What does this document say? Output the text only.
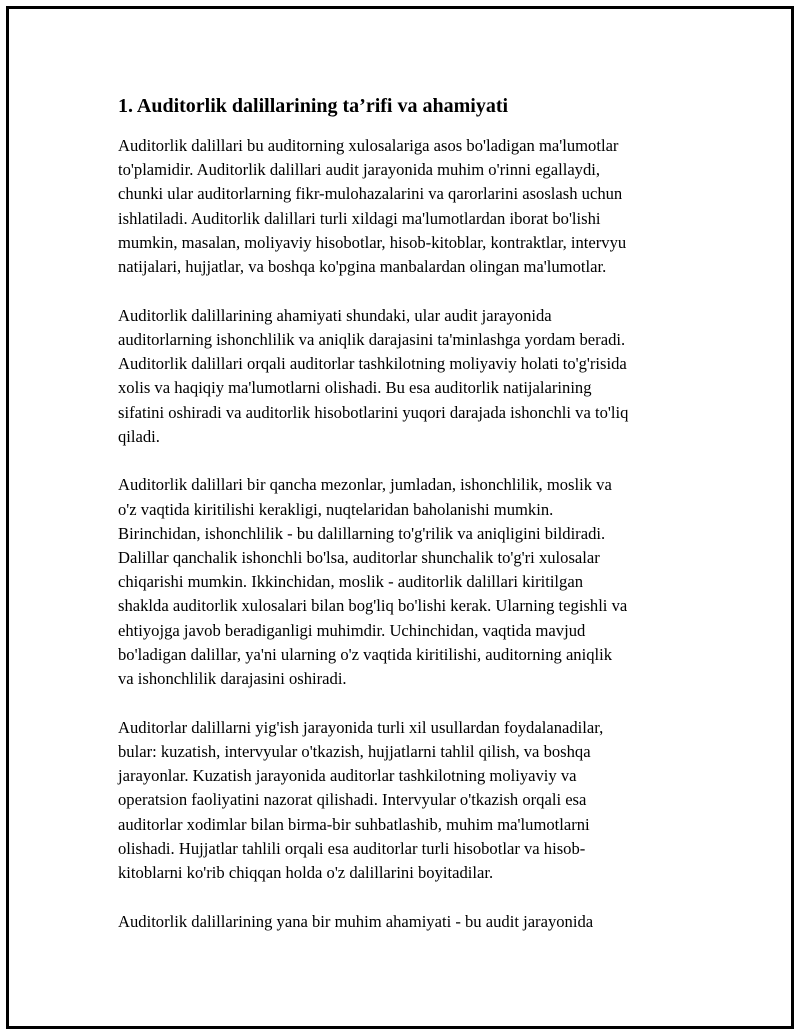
1. Auditorlik dalillarining ta’rifi va ahamiyati

Auditorlik dalillari bu auditorning xulosalariga asos bo'ladigan ma'lumotlar
to'plamidir. Auditorlik dalillari audit jarayonida muhim o'rinni egallaydi,
chunki ular auditorlarning fikr-mulohazalarini va qarorlarini asoslash uchun
ishlatiladi. Auditorlik dalillari turli xildagi ma'lumotlardan iborat bo'lishi
mumkin, masalan, moliyaviy hisobotlar, hisob-kitoblar, kontraktlar, intervyu
natijalari, hujjatlar, va boshqa ko'pgina manbalardan olingan ma'lumotlar.

Auditorlik dalillarining ahamiyati shundaki, ular audit jarayonida
auditorlarning ishonchlilik va aniqlik darajasini ta'minlashga yordam beradi.
Auditorlik dalillari orqali auditorlar tashkilotning moliyaviy holati to'g'risida
xolis va haqiqiy ma'lumotlarni olishadi. Bu esa auditorlik natijalarining
sifatini oshiradi va auditorlik hisobotlarini yuqori darajada ishonchli va to'liq
qiladi.

Auditorlik dalillari bir qancha mezonlar, jumladan, ishonchlilik, moslik va
o'z vaqtida kiritilishi kerakligi, nuqtelaridan baholanishi mumkin.
Birinchidan, ishonchlilik - bu dalillarning to'g'rilik va aniqligini bildiradi.
Dalillar qanchalik ishonchli bo'lsa, auditorlar shunchalik to'g'ri xulosalar
chiqarishi mumkin. Ikkinchidan, moslik - auditorlik dalillari kiritilgan
shaklda auditorlik xulosalari bilan bog'liq bo'lishi kerak. Ularning tegishli va
ehtiyojga javob beradiganligi muhimdir. Uchinchidan, vaqtida mavjud
bo'ladigan dalillar, ya'ni ularning o'z vaqtida kiritilishi, auditorning aniqlik
va ishonchlilik darajasini oshiradi.

Auditorlar dalillarni yig'ish jarayonida turli xil usullardan foydalanadilar,
bular: kuzatish, intervyular o'tkazish, hujjatlarni tahlil qilish, va boshqa
jarayonlar. Kuzatish jarayonida auditorlar tashkilotning moliyaviy va
operatsion faoliyatini nazorat qilishadi. Intervyular o'tkazish orqali esa
auditorlar xodimlar bilan birma-bir suhbatlashib, muhim ma'lumotlarni
olishadi. Hujjatlar tahlili orqali esa auditorlar turli hisobotlar va hisob-
kitoblarni ko'rib chiqqan holda o'z dalillarini boyitadilar.

Auditorlik dalillarining yana bir muhim ahamiyati - bu audit jarayonida
